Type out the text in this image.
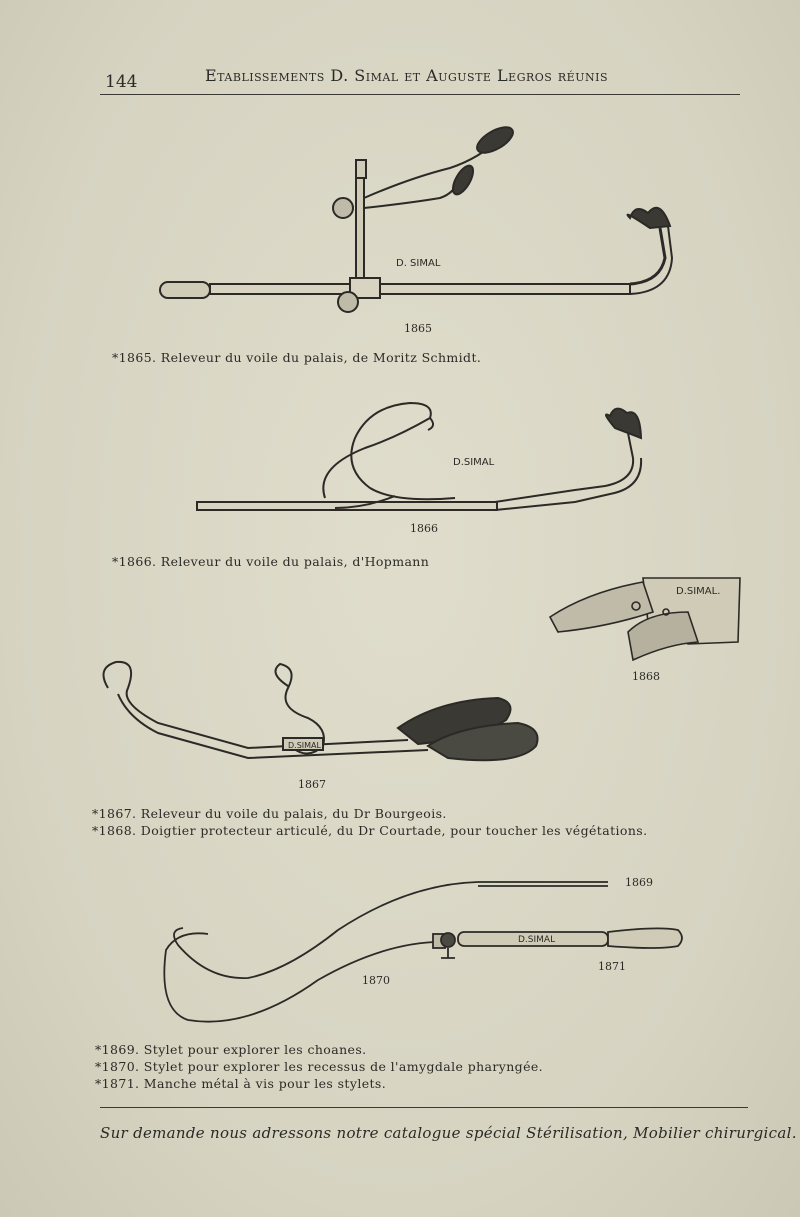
144	Etablissements D. Simal et Auguste Legros réunis
D. SIMAL
1865
*1865. Releveur du voile du palais, de Moritz Schmidt.
D.SIMAL
1866
*1866. Releveur du voile du palais, d'Hopmann
D.SIMAL.
1868
D.SIMAL
1867
*1867. Releveur du voile du palais, du Dr Bourgeois.
*1868. Doigtier protecteur articulé, du Dr Courtade, pour toucher les végétations.
D.SIMAL
1869
1870
1871
*1869. Stylet pour explorer les choanes.
*1870. Stylet pour explorer les recessus de l'amygdale pharyngée.
*1871. Manche métal à vis pour les stylets.
Sur demande nous adressons notre catalogue spécial Stérilisation, Mobilier chirurgical.
